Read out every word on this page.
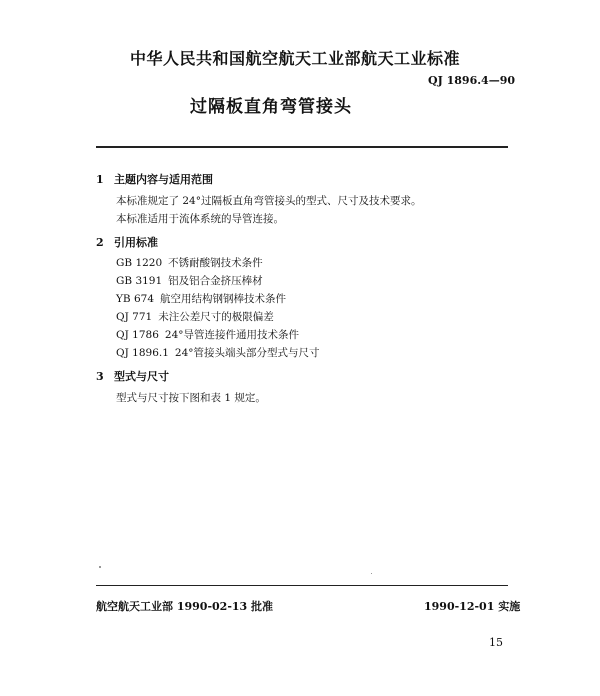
中华人民共和国航空航天工业部航天工业标准
QJ 1896.4—90
过隔板直角弯管接头
1 主题内容与适用范围
本标准规定了 24°过隔板直角弯管接头的型式、尺寸及技术要求。
本标准适用于流体系统的导管连接。
2 引用标准
GB 1220 不锈耐酸钢技术条件
GB 3191 铝及铝合金挤压棒材
YB 674 航空用结构钢钢棒技术条件
QJ 771 未注公差尺寸的极限偏差
QJ 1786 24°导管连接件通用技术条件
QJ 1896.1 24°管接头端头部分型式与尺寸
3 型式与尺寸
型式与尺寸按下图和表 1 规定。
航空航天工业部 1990-02-13 批准	1990-12-01 实施
15
